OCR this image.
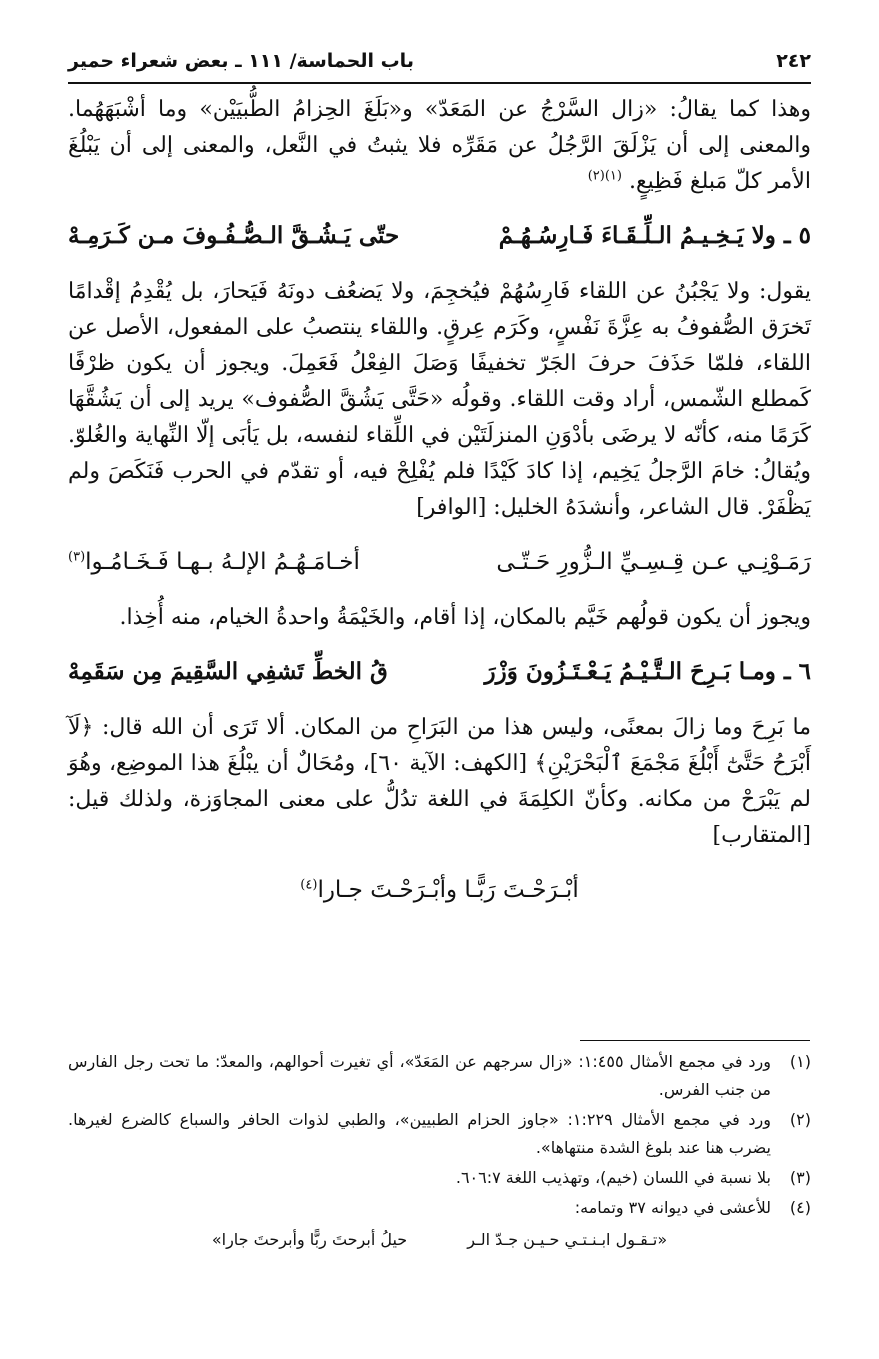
٢٤٢
باب الحماسة/ ١١١ ـ بعض شعراء حمير

وهذا كما يقالُ: «زال السَّرْجُ عن المَعَدّ» و«بَلَغَ الحِزامُ الطُّبيَيْن» وما أشْبَهَهُما. والمعنى إلى أن يَزْلَقَ الرَّجُلُ عن مَقَرِّه فلا يثبتُ في النَّعل، والمعنى إلى أن يَبْلُغَ الأمر كلّ مَبلغ فَظِيعٍ. $^{(١)(٢)}$

٥ ـ ولا يَـخِـيـمُ الـلِّـقَـاءَ فَـارِسُـهُـمْ
حتّى يَـشُـقَّ الـصُّـفُـوفَ مـن كَـرَمِـهْ

يقول: ولا يَجْبُنُ عن اللقاء فَارِسُهُمْ فيُخجِمَ، ولا يَضعُف دونَهُ فَيَحارَ، بل يُقْدِمُ إقْدامًا تَخرَق الصُّفوفُ به عِزَّةَ نَفْسٍ، وكَرَم عِرقٍ. واللقاء ينتصبُ على المفعول، الأصل عن اللقاء، فلمّا حَذَفَ حرفَ الجَرّ تخفيفًا وَصَلَ الفِعْلُ فَعَمِلَ. ويجوز أن يكون ظرْفًا كَمطلع الشّمس، أراد وقت اللقاء. وقولُه «حَتَّى يَشُقَّ الصُّفوف» يريد إلى أن يَشُقَّهَا كَرَمًا منه، كأنّه لا يرضَى بأدْوَنِ المنزلَتَيْن في اللِّقاء لنفسه، بل يَأبَى إلّا النِّهاية والغُلوّ. ويُقالُ: خامَ الرَّجلُ يَخِيم، إذا كادَ كَيْدًا فلم يُفْلِحْ فيه، أو تقدّم في الحرب فَنَكَصَ ولم يَظْفَرْ. قال الشاعر، وأنشدَهُ الخليل: [الوافر]

رَمَـوْنِـي عـن قِـسِـيِّ الـزُّورِ حَـتّـى
أخـامَـهُـمُ الإلـهُ بـهـا فَـخَـامُـوا$^{(٣)}$

ويجوز أن يكون قولُهم خَيَّم بالمكان، إذا أقام، والخَيْمَةُ واحدةُ الخيام، منه أُخِذا.

٦ ـ ومـا بَـرِحَ الـتَّـيْـمُ يَـعْـتَـزُونَ وَزْرَ
قُ الخطِّ تَشفِي السَّقِيمَ مِن سَقَمِهْ

ما بَرِحَ وما زالَ بمعنًى، وليس هذا من البَرَاحِ من المكان. ألا تَرَى أن الله قال: ﴿لَآ أَبْرَحُ حَتَّىٰٓ أَبْلُغَ مَجْمَعَ ٱلْبَحْرَيْنِ﴾ [الكهف: الآية ٦٠]، ومُحَالٌ أن يبْلُغَ هذا الموضِع، وهُوَ لم يَبْرَحْ من مكانه. وكأنّ الكلِمَةَ في اللغة تدُلُّ على معنى المجاوَزة، ولذلك قيل: [المتقارب]

أبْـرَحْـتَ رَبًّـا وأبْـرَحْـتَ جـارا$^{(٤)}$
(١)
ورد في مجمع الأمثال ١:٤٥٥: «زال سرجهم عن المَعَدّ»، أي تغيرت أحوالهم، والمعدّ: ما تحت رجل الفارس من جنب الفرس.
(٢)
ورد في مجمع الأمثال ١:٢٢٩: «جاوز الحزام الطبيين»، والطبي لذوات الحافر والسباع كالضرع لغيرها. يضرب هنا عند بلوغ الشدة منتهاها».
(٣)
بلا نسبة في اللسان (خيم)، وتهذيب اللغة ٦٠٦:٧.
(٤)
للأعشى في ديوانه ٣٧ وتمامه:
«تـقـول ابـنـتـي حـيـن جـدّ الـر
حيلُ أبرحتَ ربًّا وأبرحتَ جارا»
